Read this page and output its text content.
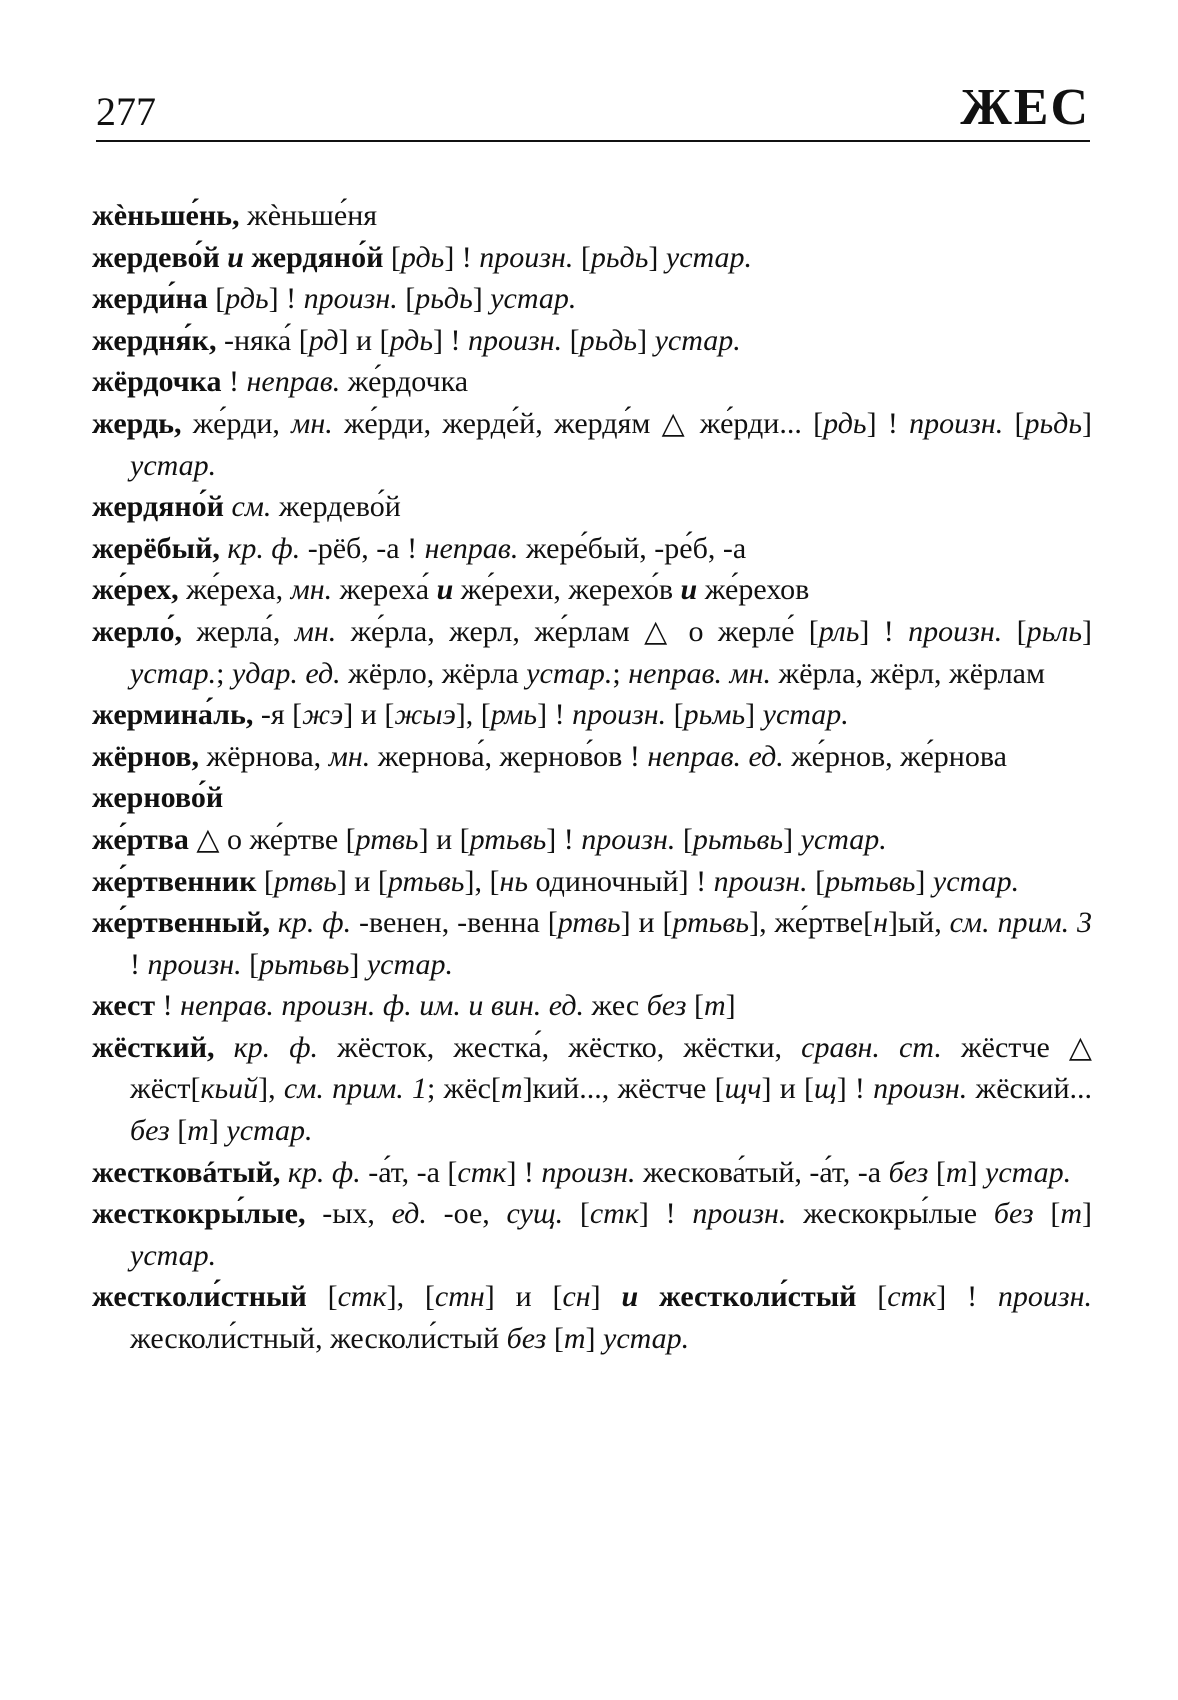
277	ЖЕС
жѐньше́нь, жѐньше́ня
жердево́й и жердяно́й [рдь] ! произн. [рьдь] устар.
жерди́на [рдь] ! произн. [рьдь] устар.
жердня́к, -няка́ [рд] и [рдь] ! произн. [рьдь] устар.
жёрдочка ! неправ. же́рдочка
жердь, же́рди, мн. же́рди, жерде́й, жердя́м △ же́рди... [рдь] ! произн. [рьдь] устар.
жердяно́й см. жердево́й
жерёбый, кр. ф. -рёб, -а ! неправ. жере́бый, -ре́б, -а
же́рех, же́реха, мн. жереха́ и же́рехи, жерехо́в и же́рехов
жерло́, жерла́, мн. же́рла, жерл, же́рлам △ о жерле́ [рль] ! произн. [рьль] устар.; удар. ед. жёрло, жёрла устар.; неправ. мн. жёрла, жёрл, жёрлам
жермина́ль, -я [жэ] и [жыэ], [рмь] ! произн. [рьмь] устар.
жёрнов, жёрнова, мн. жернова́, жернов́ов ! неправ. ед. же́рнов, же́рнова
жерново́й
же́ртва △ о же́ртве [ртвь] и [ртьвь] ! произн. [рьтьвь] устар.
же́ртвенник [ртвь] и [ртьвь], [нь одиночный] ! произн. [рьтьвь] устар.
же́ртвенный, кр. ф. -венен, -венна [ртвь] и [ртьвь], же́ртве[н]ый, см. прим. 3 ! произн. [рьтьвь] устар.
жест ! неправ. произн. ф. им. и вин. ед. жес без [т]
жёсткий, кр. ф. жёсток, жестка́, жёстко, жёстки, сравн. ст. жёстче △ жёст[кьий], см. прим. 1; жёс[т]кий..., жёстче [щч] и [щ] ! произн. жёский... без [т] устар.
жестковáтый, кр. ф. -а́т, -а [стк] ! произн. жескова́тый, -а́т, -а без [т] устар.
жесткокры́лые, -ых, ед. -ое, сущ. [стк] ! произн. жескокры́лые без [т] устар.
жестколи́стный [стк], [стн] и [сн] и жестколи́стый [стк] ! произн. жесколи́стный, жесколи́стый без [т] устар.
